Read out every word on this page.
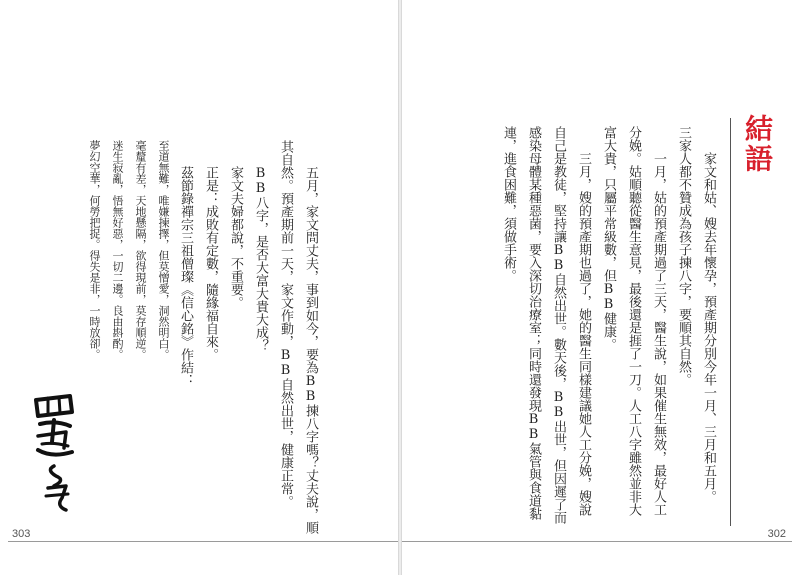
結語

家文和姑、嫂去年懷孕，預產期分別今年一月、三月和五月。

三家人都不贊成為孩子揀八字，要順其自然。

一月，姑的預產期過了三天，醫生說，如果催生無效，最好人工分娩。姑順聽從醫生意見，最後還是捱了一刀。人工八字雖然並非大富大貴，只屬平常級數，但BB健康。

三月，嫂的預產期也過了，她的醫生同樣建議她人工分娩，嫂說自己是教徒，堅持讓BB自然出世。數天後，BB出世，但因遲了而感染母體某種惡菌，要入深切治療室；同時還發現BB氣管與食道黏連，進食困難，須做手術。

302

五月，家文問丈夫，事到如今，要為BB揀八字嗎？丈夫說，順其自然。預產期前一天，家文作動，BB自然出世，健康正常。

BB八字，是否大富大貴大成？

家文夫婦都說，不重要。

正是：成敗有定數，隨緣福自來。

茲節錄禪宗三祖僧璨《信心銘》作結：

至道無難，唯嫌揀擇，但莫憎愛，洞然明白。

毫釐有差，天地懸隔，欲得現前，莫存順逆。

迷生寂亂，悟無好惡，一切二邊。良由斟酌。

夢幻空華，何勞把捉。得失是非，一時放卻。

303
